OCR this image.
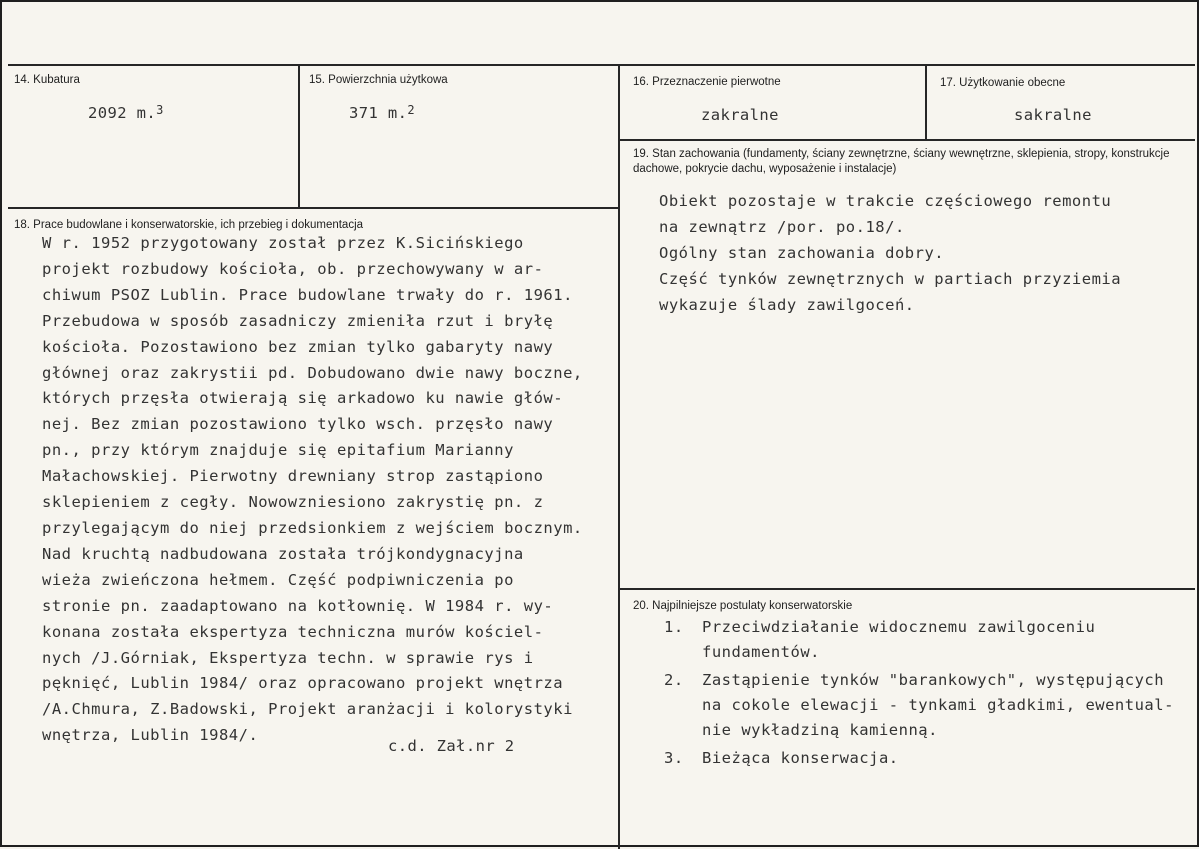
14. Kubatura
2092 m.$^3$
15. Powierzchnia użytkowa
371 m.$^2$
16. Przeznaczenie pierwotne
zakralne
17. Użytkowanie obecne
sakralne
19. Stan zachowania (fundamenty, ściany zewnętrzne, ściany wewnętrzne, sklepienia, stropy, konstrukcje dachowe, pokrycie dachu, wyposażenie i instalacje)
Obiekt pozostaje w trakcie częściowego remontu
na zewnątrz /por. po.18/.
Ogólny stan zachowania dobry.
Część tynków zewnętrznych w partiach przyziemia
wykazuje ślady zawilgoceń.
18. Prace budowlane i konserwatorskie, ich przebieg i dokumentacja
W r. 1952 przygotowany został przez K.Sicińskiego
projekt rozbudowy kościoła, ob. przechowywany w ar-
chiwum PSOZ Lublin. Prace budowlane trwały do r. 1961.
Przebudowa w sposób zasadniczy zmieniła rzut i bryłę
kościoła. Pozostawiono bez zmian tylko gabaryty nawy
głównej oraz zakrystii pd. Dobudowano dwie nawy boczne,
których przęsła otwierają się arkadowo ku nawie głów-
nej. Bez zmian pozostawiono tylko wsch. przęsło nawy
pn., przy którym znajduje się epitafium Marianny
Małachowskiej. Pierwotny drewniany strop zastąpiono
sklepieniem z cegły. Nowowzniesiono zakrystię pn. z
przylegającym do niej przedsionkiem z wejściem bocznym.
Nad kruchtą nadbudowana została trójkondygnacyjna
wieża zwieńczona hełmem. Część podpiwniczenia po
stronie pn. zaadaptowano na kotłownię. W 1984 r. wy-
konana została ekspertyza techniczna murów kościel-
nych /J.Górniak, Ekspertyza techn. w sprawie rys i
pęknięć, Lublin 1984/ oraz opracowano projekt wnętrza
/A.Chmura, Z.Badowski, Projekt aranżacji i kolorystyki
wnętrza, Lublin 1984/.
c.d. Zał.nr 2
20. Najpilniejsze postulaty konserwatorskie
1. Przeciwdziałanie widocznemu zawilgoceniu
fundamentów.
2. Zastąpienie tynków "barankowych", występujących
na cokole elewacji - tynkami gładkimi, ewentual-
nie wykładziną kamienną.
3. Bieżąca konserwacja.
